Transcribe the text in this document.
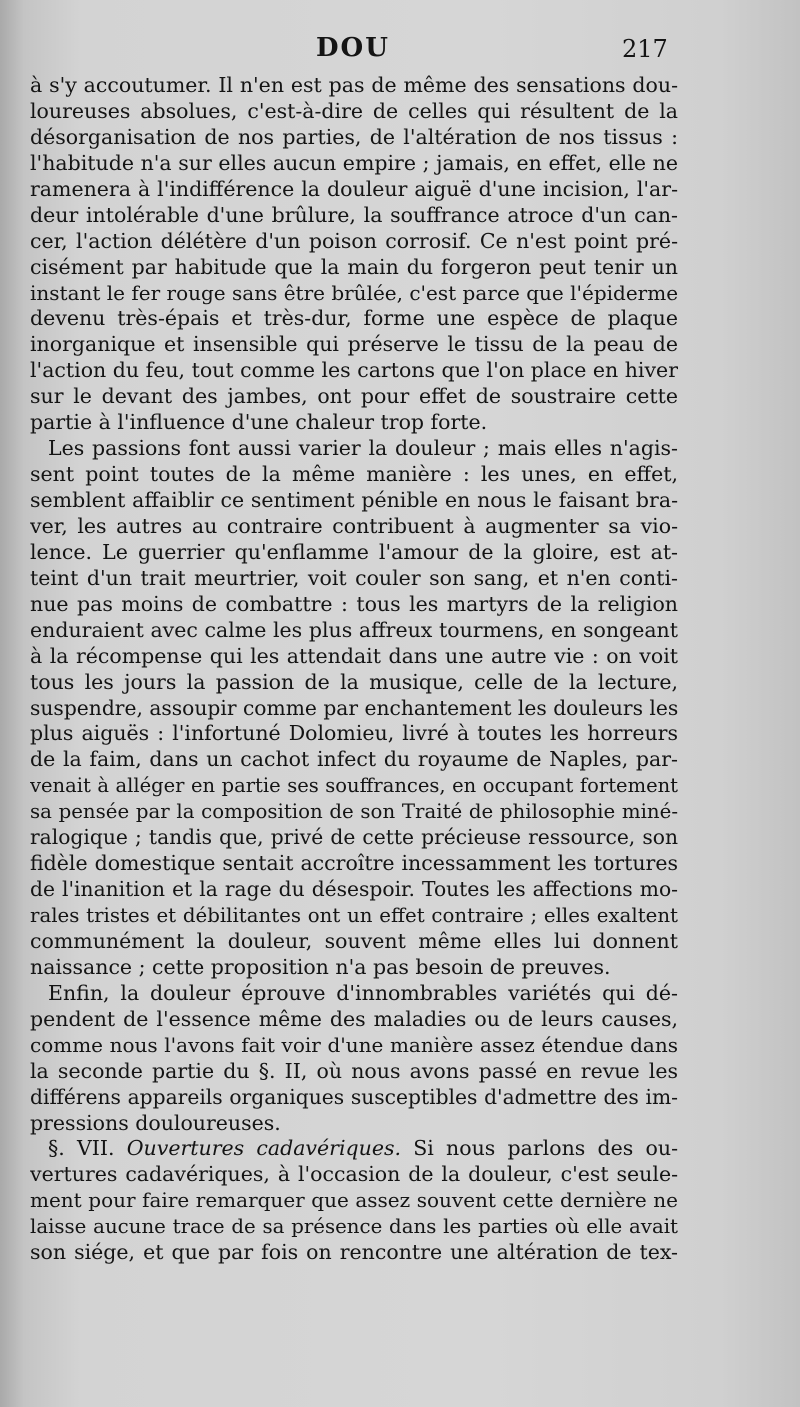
DOU	217
à s'y accoutumer. Il n'en est pas de même des sensations dou-
loureuses absolues, c'est-à-dire de celles qui résultent de la
désorganisation de nos parties, de l'altération de nos tissus :
l'habitude n'a sur elles aucun empire ; jamais, en effet, elle ne
ramenera à l'indifférence la douleur aiguë d'une incision, l'ar-
deur intolérable d'une brûlure, la souffrance atroce d'un can-
cer, l'action délétère d'un poison corrosif. Ce n'est point pré-
cisément par habitude que la main du forgeron peut tenir un
instant le fer rouge sans être brûlée, c'est parce que l'épiderme
devenu très-épais et très-dur, forme une espèce de plaque
inorganique et insensible qui préserve le tissu de la peau de
l'action du feu, tout comme les cartons que l'on place en hiver
sur le devant des jambes, ont pour effet de soustraire cette
partie à l'influence d'une chaleur trop forte.
Les passions font aussi varier la douleur ; mais elles n'agis-
sent point toutes de la même manière : les unes, en effet,
semblent affaiblir ce sentiment pénible en nous le faisant bra-
ver, les autres au contraire contribuent à augmenter sa vio-
lence. Le guerrier qu'enflamme l'amour de la gloire, est at-
teint d'un trait meurtrier, voit couler son sang, et n'en conti-
nue pas moins de combattre : tous les martyrs de la religion
enduraient avec calme les plus affreux tourmens, en songeant
à la récompense qui les attendait dans une autre vie : on voit
tous les jours la passion de la musique, celle de la lecture,
suspendre, assoupir comme par enchantement les douleurs les
plus aiguës : l'infortuné Dolomieu, livré à toutes les horreurs
de la faim, dans un cachot infect du royaume de Naples, par-
venait à alléger en partie ses souffrances, en occupant fortement
sa pensée par la composition de son Traité de philosophie miné-
ralogique ; tandis que, privé de cette précieuse ressource, son
fidèle domestique sentait accroître incessamment les tortures
de l'inanition et la rage du désespoir. Toutes les affections mo-
rales tristes et débilitantes ont un effet contraire ; elles exaltent
communément la douleur, souvent même elles lui donnent
naissance ; cette proposition n'a pas besoin de preuves.
Enfin, la douleur éprouve d'innombrables variétés qui dé-
pendent de l'essence même des maladies ou de leurs causes,
comme nous l'avons fait voir d'une manière assez étendue dans
la seconde partie du §. II, où nous avons passé en revue les
différens appareils organiques susceptibles d'admettre des im-
pressions douloureuses.
§. VII. Ouvertures cadavériques. Si nous parlons des ou-
vertures cadavériques, à l'occasion de la douleur, c'est seule-
ment pour faire remarquer que assez souvent cette dernière ne
laisse aucune trace de sa présence dans les parties où elle avait
son siége, et que par fois on rencontre une altération de tex-
